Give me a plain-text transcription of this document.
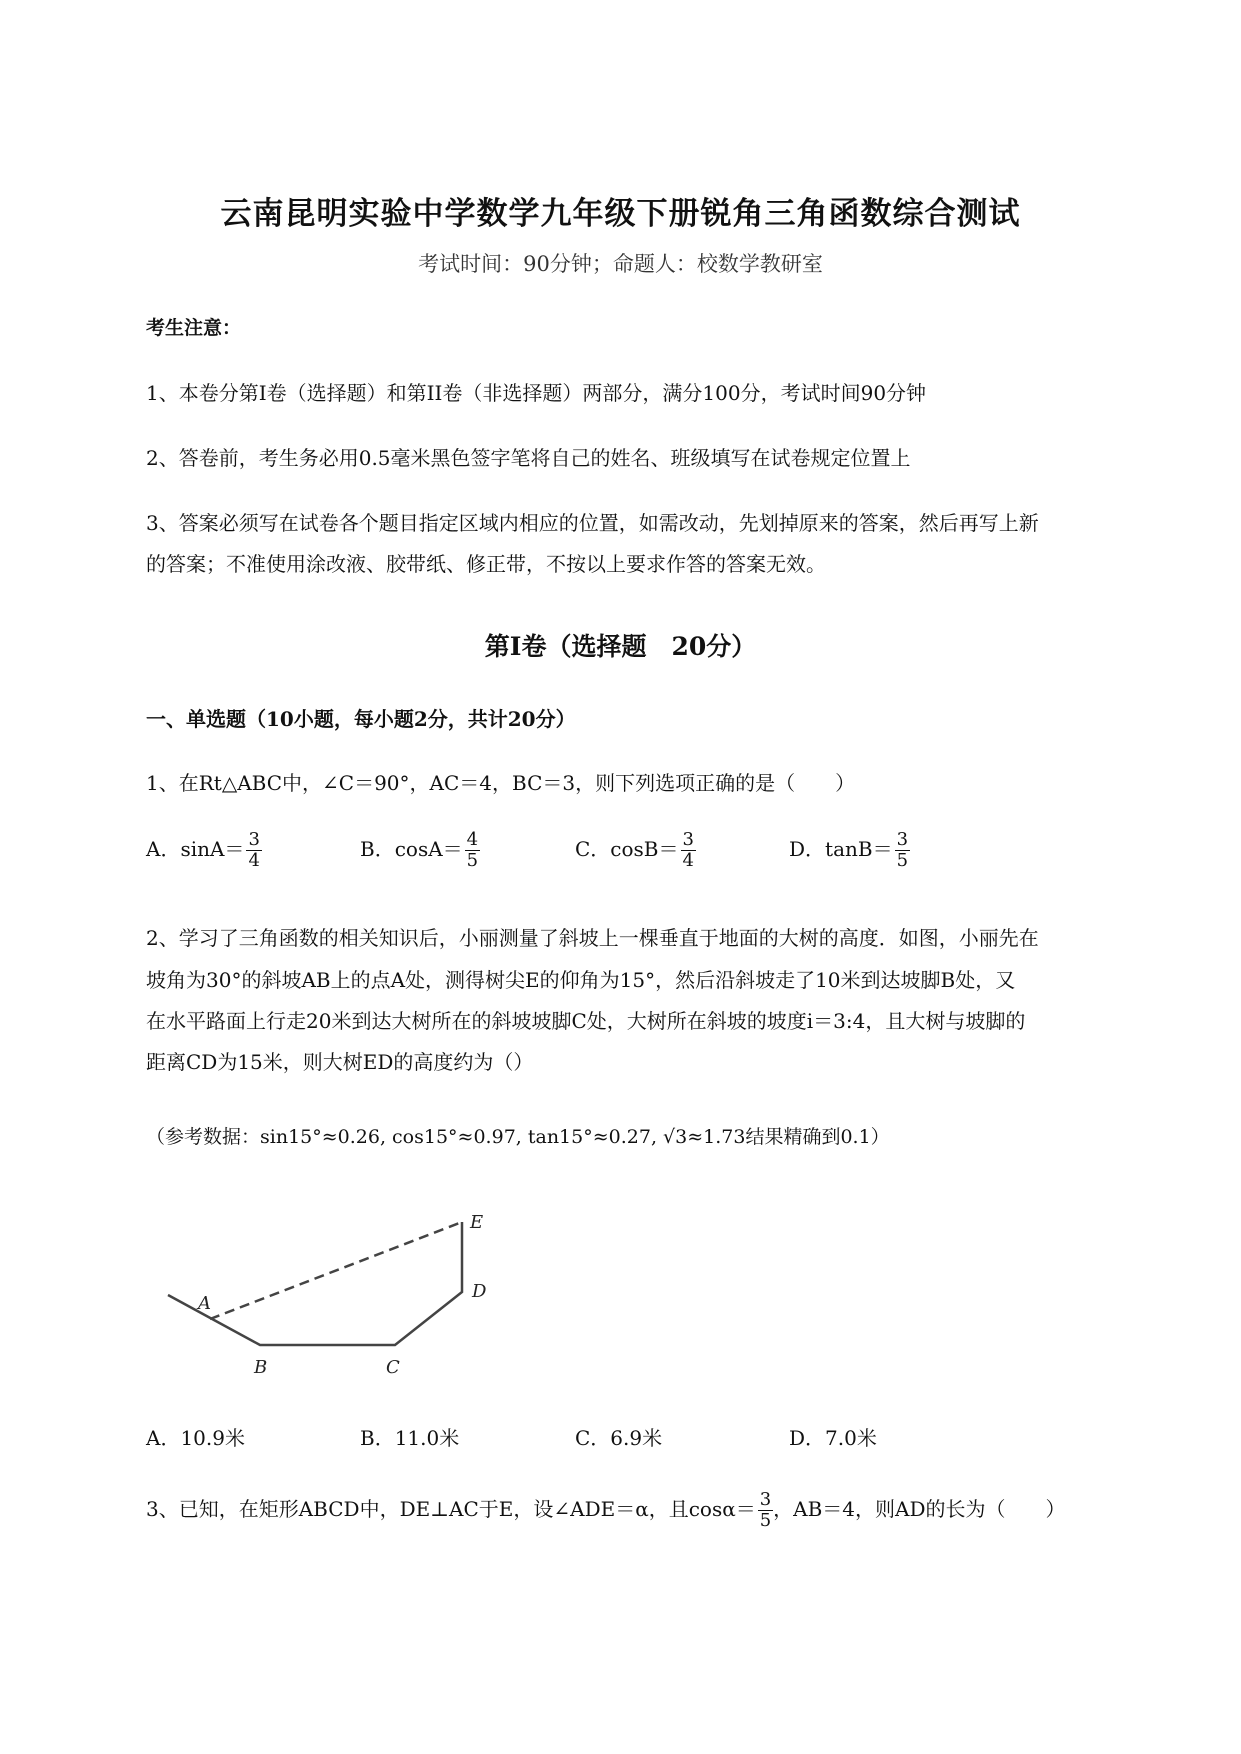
云南昆明实验中学数学九年级下册锐角三角函数综合测试
考试时间：90分钟；命题人：校数学教研室
考生注意：
1、本卷分第I卷（选择题）和第II卷（非选择题）两部分，满分100分，考试时间90分钟
2、答卷前，考生务必用0.5毫米黑色签字笔将自己的姓名、班级填写在试卷规定位置上
3、答案必须写在试卷各个题目指定区域内相应的位置，如需改动，先划掉原来的答案，然后再写上新
的答案；不准使用涂改液、胶带纸、修正带，不按以上要求作答的答案无效。
第I卷（选择题　20分）
一、单选题（10小题，每小题2分，共计20分）
1、在Rt△ABC中，∠C＝90°，AC＝4，BC＝3，则下列选项正确的是（　　）
A．$\sin A= \frac{3}{4}$	B．$\cos A= \frac{4}{5}$	C．$\cos B= \frac{3}{4}$	D．$\tan B= \frac{3}{5}$
2、学习了三角函数的相关知识后，小丽测量了斜坡上一棵垂直于地面的大树的高度．如图，小丽先在
坡角为30°的斜坡AB上的点A处，测得树尖E的仰角为15°，然后沿斜坡走了10米到达坡脚B处，又
在水平路面上行走20米到达大树所在的斜坡坡脚C处，大树所在斜坡的坡度i＝3:4，且大树与坡脚的
距离CD为15米，则大树ED的高度约为（）
（参考数据：sin15°≈0.26, cos15°≈0.97, tan15°≈0.27, √3≈1.73结果精确到0.1）
A
B	C
D
E
A．10.9米	B．11.0米	C．6.9米	D．7.0米
3、已知，在矩形ABCD中，DE⊥AC于E，设∠ADE＝α，且$\cos\alpha= \frac{3}{5}$ ，AB＝4，则AD的长为（　　）
